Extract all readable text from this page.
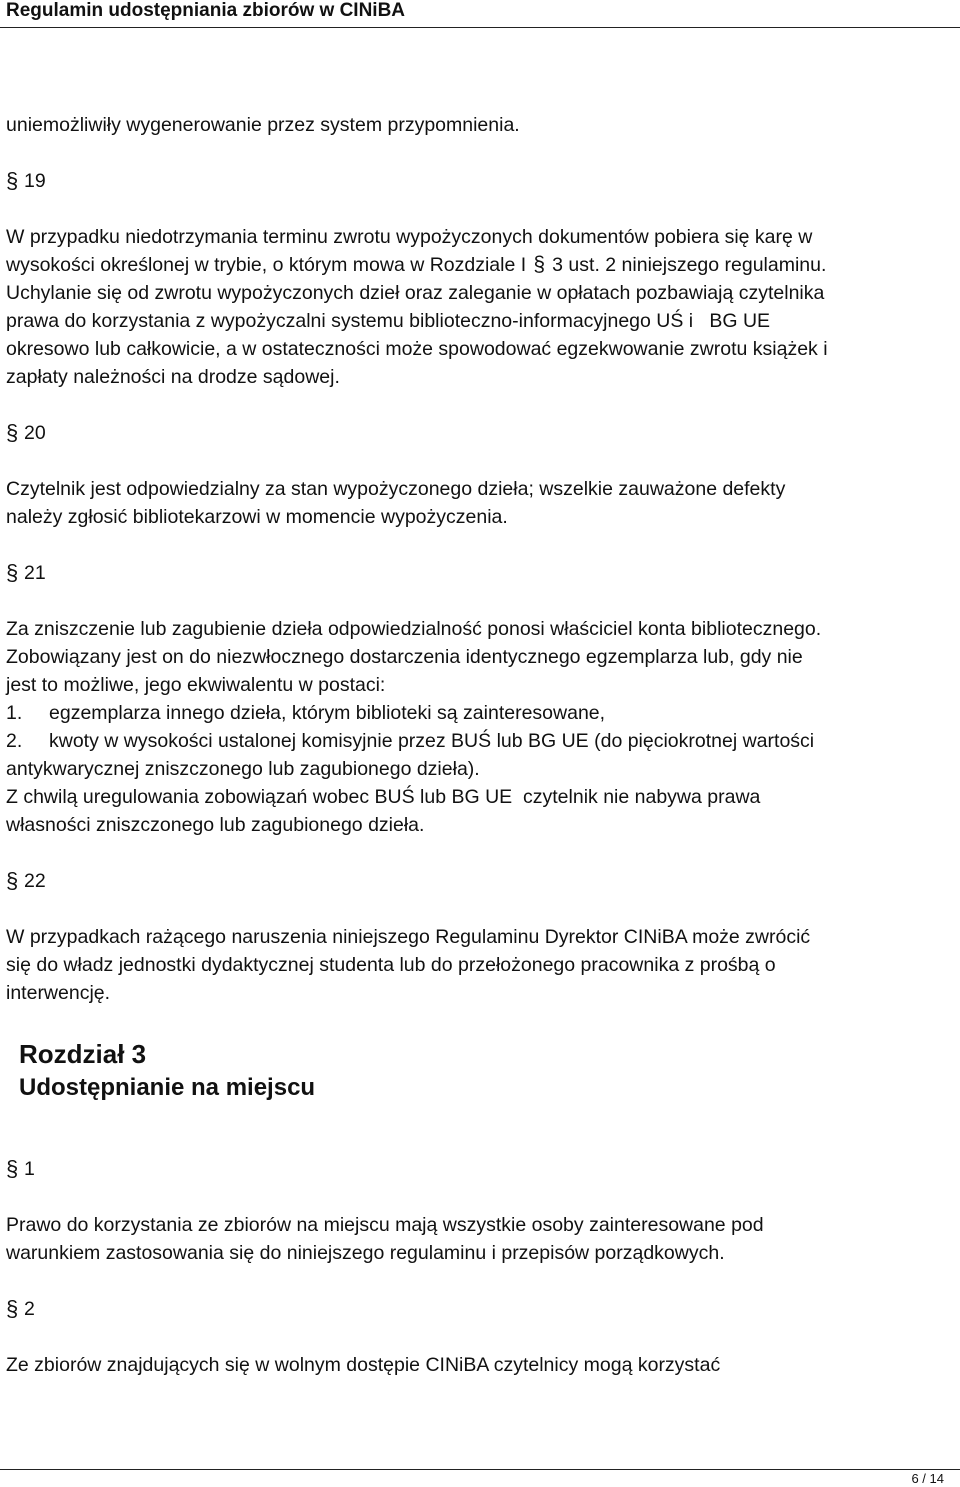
Regulamin udostępniania zbiorów w CINiBA

uniemożliwiły wygenerowanie przez system przypomnienia.

§ 19

W przypadku niedotrzymania terminu zwrotu wypożyczonych dokumentów pobiera się karę w

wysokości określonej w trybie, o którym mowa w Rozdziale I § 3 ust. 2 niniejszego regulaminu.

Uchylanie się od zwrotu wypożyczonych dzieł oraz zaleganie w opłatach pozbawiają czytelnika

prawa do korzystania z wypożyczalni systemu biblioteczno-informacyjnego UŚ i   BG UE

okresowo lub całkowicie, a w ostateczności może spowodować egzekwowanie zwrotu książek i

zapłaty należności na drodze sądowej.

§ 20

Czytelnik jest odpowiedzialny za stan wypożyczonego dzieła; wszelkie zauważone defekty

należy zgłosić bibliotekarzowi w momencie wypożyczenia.

§ 21

Za zniszczenie lub zagubienie dzieła odpowiedzialność ponosi właściciel konta bibliotecznego.

Zobowiązany jest on do niezwłocznego dostarczenia identycznego egzemplarza lub, gdy nie

jest to możliwe, jego ekwiwalentu w postaci:

1. egzemplarza innego dzieła, którym biblioteki są zainteresowane,

2. kwoty w wysokości ustalonej komisyjnie przez BUŚ lub BG UE (do pięciokrotnej wartości

antykwarycznej zniszczonego lub zagubionego dzieła).

Z chwilą uregulowania zobowiązań wobec BUŚ lub BG UE  czytelnik nie nabywa prawa

własności zniszczonego lub zagubionego dzieła.

§ 22

W przypadkach rażącego naruszenia niniejszego Regulaminu Dyrektor CINiBA może zwrócić

się do władz jednostki dydaktycznej studenta lub do przełożonego pracownika z prośbą o

interwencję.

Rozdział 3
Udostępnianie na miejscu
§ 1

Prawo do korzystania ze zbiorów na miejscu mają wszystkie osoby zainteresowane pod

warunkiem zastosowania się do niniejszego regulaminu i przepisów porządkowych.

§ 2

Ze zbiorów znajdujących się w wolnym dostępie CINiBA czytelnicy mogą korzystać

6 / 14
